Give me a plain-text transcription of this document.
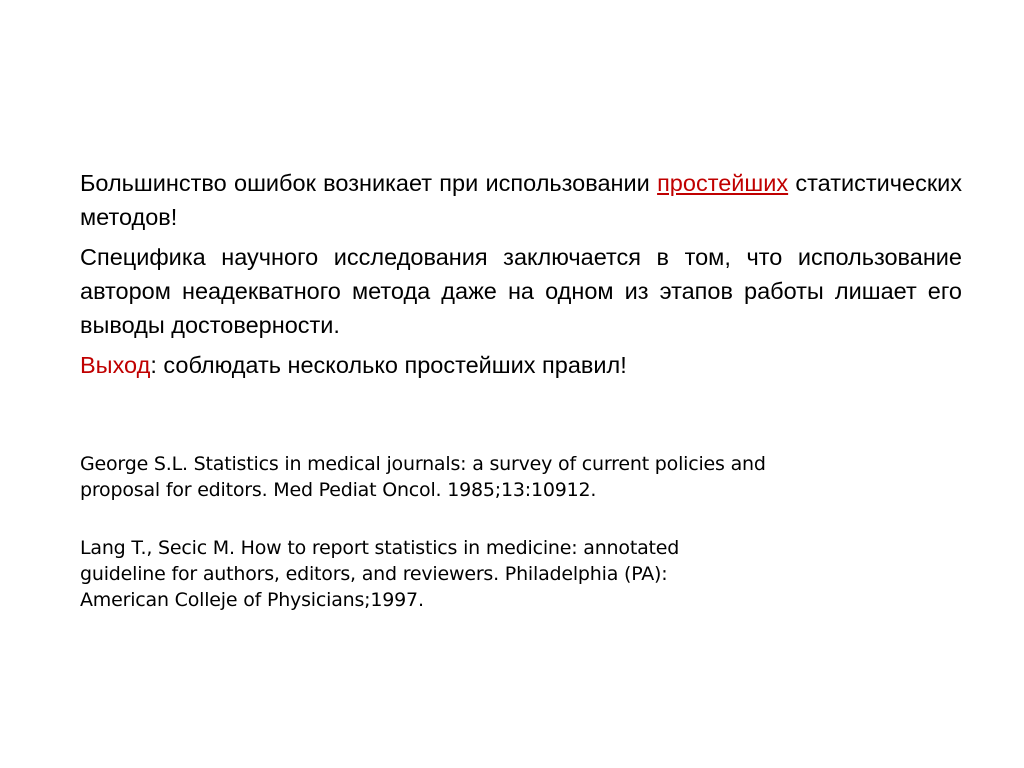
Большинство ошибок возникает при использовании простейших статистических методов!

Специфика научного исследования заключается в том, что использование автором неадекватного метода даже на одном из этапов работы лишает его выводы достоверности.

Выход: соблюдать несколько простейших правил!

George S.L. Statistics in medical journals: a survey of current policies and
proposal for editors. Med Pediat Oncol. 1985;13:10912.

Lang T., Secic M. How to report statistics in medicine: annotated
guideline for authors, editors, and reviewers. Philadelphia (PA):
American Colleje of Physicians;1997.
